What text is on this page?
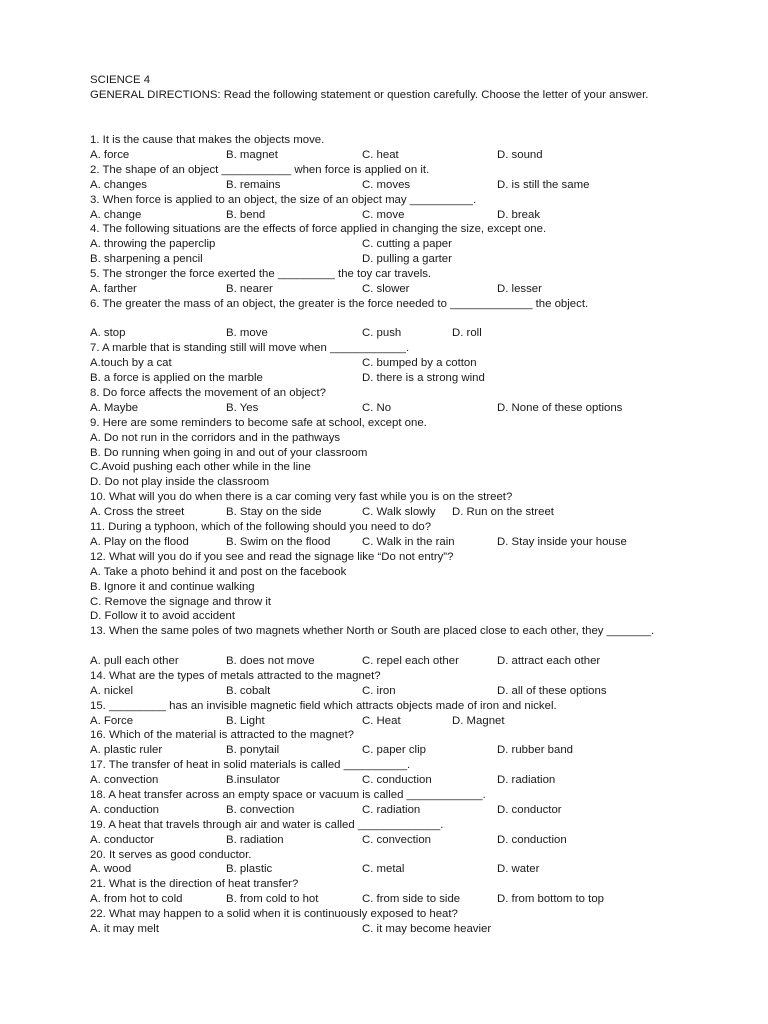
SCIENCE 4
GENERAL DIRECTIONS: Read the following statement or question carefully. Choose the letter of your answer.
1. It is the cause that makes the objects move.
A. force	B. magnet	C. heat	D. sound
2. The shape of an object ___________ when force is applied on it.
A. changes	B. remains	C. moves	D. is still the same
3. When force is applied to an object, the size of an object may __________.
A. change	B. bend	C. move	D. break
4. The following situations are the effects of force applied in changing the size, except one.
A. throwing the paperclip	C. cutting a paper
B. sharpening a pencil	D. pulling a garter
5. The stronger the force exerted the _________ the toy car travels.
A. farther	B. nearer	C. slower	D. lesser
6. The greater the mass of an object, the greater is the force needed to _____________ the object.
A. stop	B. move	C. push	D. roll
7. A marble that is standing still will move when ____________.
A.touch by a cat	C. bumped by a cotton
B. a force is applied on the marble	D. there is a strong wind
8. Do force affects the movement of an object?
A. Maybe	B. Yes	C. No	D. None of these options
9. Here are some reminders to become safe at school, except one.
A. Do not run in the corridors and in the pathways
B. Do running when going in and out of your classroom
C.Avoid pushing each other while in the line
D. Do not play inside the classroom
10. What will you do when there is a car coming very fast while you is on the street?
A. Cross the street	B. Stay on the side	C. Walk slowly D. Run on the street
11. During a typhoon, which of the following should you need to do?
A. Play on the flood	B. Swim on the flood	C. Walk in the rain	D. Stay inside your house
12. What will you do if you see and read the signage like “Do not entry”?
A. Take a photo behind it and post on the facebook
B. Ignore it and continue walking
C. Remove the signage and throw it
D. Follow it to avoid accident
13. When the same poles of two magnets whether North or South are placed close to each other, they _______.
A. pull each other	B. does not move	C. repel each other	D. attract each other
14. What are the types of metals attracted to the magnet?
A. nickel	B. cobalt	C. iron	D. all of these options
15. _________ has an invisible magnetic field which attracts objects made of iron and nickel.
A. Force	B. Light	C. Heat	D. Magnet
16. Which of the material is attracted to the magnet?
A. plastic ruler	B. ponytail	C. paper clip	D. rubber band
17. The transfer of heat in solid materials is called __________.
A. convection	B.insulator	C. conduction	D. radiation
18. A heat transfer across an empty space or vacuum is called ____________.
A. conduction	B. convection	C. radiation	D. conductor
19. A heat that travels through air and water is called _____________.
A. conductor	B. radiation	C. convection	D. conduction
20. It serves as good conductor.
A. wood	B. plastic	C. metal	D. water
21. What is the direction of heat transfer?
A. from hot to cold	B. from cold to hot	C. from side to side	D. from bottom to top
22. What may happen to a solid when it is continuously exposed to heat?
A. it may melt	C. it may become heavier
